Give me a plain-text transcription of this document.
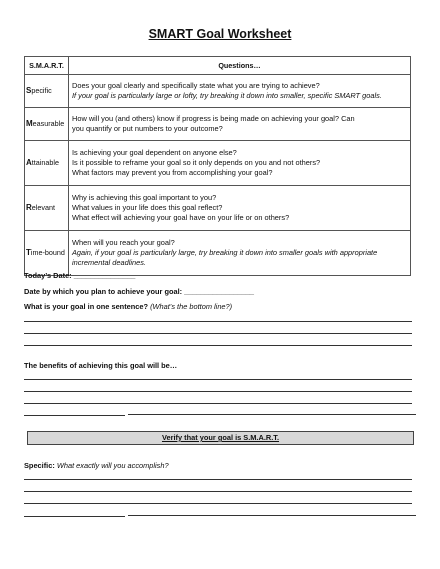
SMART Goal Worksheet
S.M.A.R.T.	Questions…
Specific	Does your goal clearly and specifically state what you are trying to achieve?
If your goal is particularly large or lofty, try breaking it down into smaller, specific SMART goals.

Measurable	How will you (and others) know if progress is being made on achieving your goal? Can
you quantify or put numbers to your outcome?

Attainable	Is achieving your goal dependent on anyone else?
Is it possible to reframe your goal so it only depends on you and not others?
What factors may prevent you from accomplishing your goal?

Relevant	Why is achieving this goal important to you?
What values in your life does this goal reflect?
What effect will achieving your goal have on your life or on others?

Time-bound	When will you reach your goal?
Again, if your goal is particularly large, try breaking it down into smaller goals with appropriate
incremental deadlines.
Today’s Date: _______________
Date by which you plan to achieve your goal: _________________
What is your goal in one sentence? (What’s the bottom line?)
The benefits of achieving this goal will be…
Verify that your goal is S.M.A.R.T.
Specific: What exactly will you accomplish?
